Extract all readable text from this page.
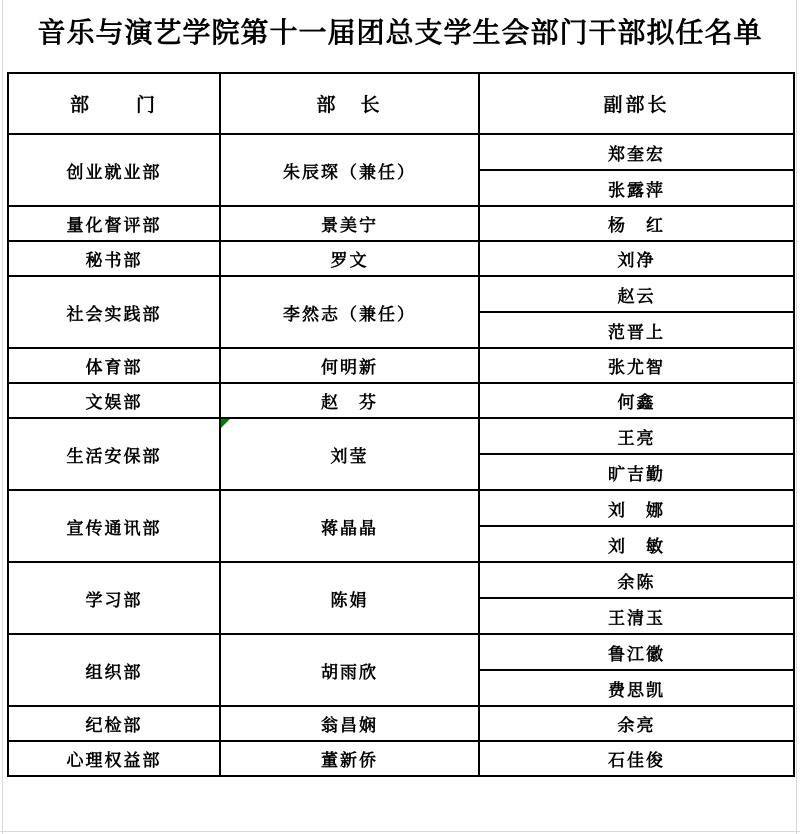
音乐与演艺学院第十一届团总支学生会部门干部拟任名单
部　　门	部　长	副部长
创业就业部	朱辰琛（兼任）	郑奎宏
		张露萍
量化督评部	景美宁	杨　红
秘书部	罗文	刘净
社会实践部	李然志（兼任）	赵云
		范晋上
体育部	何明新	张尤智
文娱部	赵　芬	何鑫
生活安保部	刘莹	王亮
		旷吉勤
宣传通讯部	蒋晶晶	刘　娜
		刘　敏
学习部	陈娟	余陈
		王清玉
组织部	胡雨欣	鲁江徽
		费思凯
纪检部	翁昌娴	余亮
心理权益部	董新侨	石佳俊
